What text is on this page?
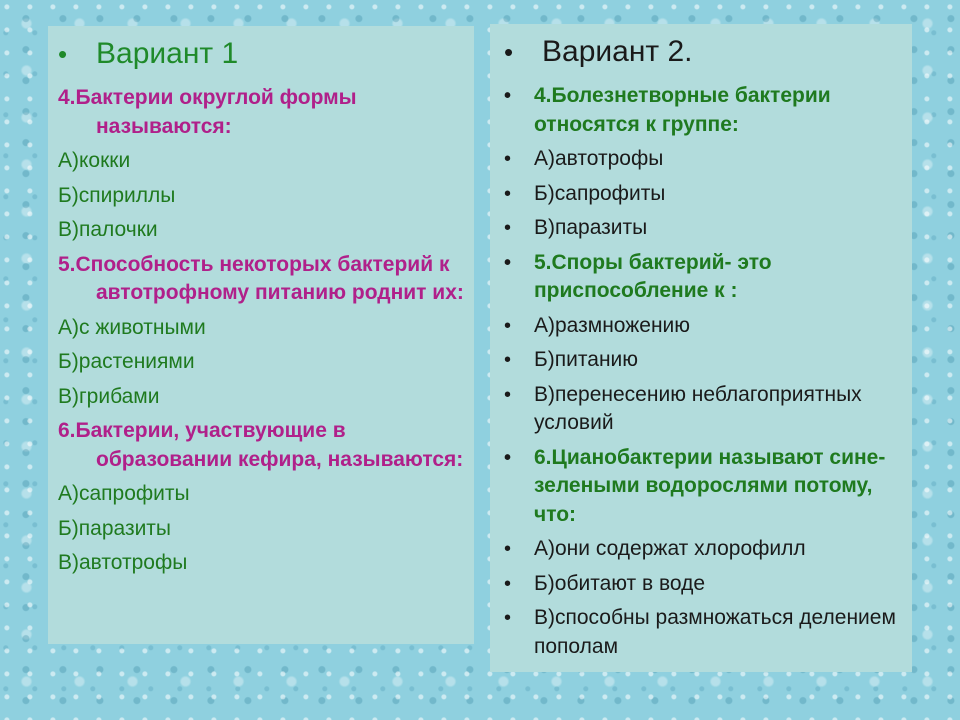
• Вариант 1
4.Бактерии округлой формы называются:
А)кокки
Б)спириллы
В)палочки
5.Способность некоторых бактерий к автотрофному питанию роднит их:
А)с животными
Б)растениями
В)грибами
6.Бактерии, участвующие в образовании кефира, называются:
А)сапрофиты
Б)паразиты
В)автотрофы
• Вариант 2.
• 4.Болезнетворные бактерии относятся к группе:
• А)автотрофы
• Б)сапрофиты
• В)паразиты
• 5.Споры бактерий- это приспособление к :
• А)размножению
• Б)питанию
• В)перенесению неблагоприятных условий
• 6.Цианобактерии называют сине-зелеными водорослями потому, что:
• А)они содержат хлорофилл
• Б)обитают в воде
• В)способны размножаться делением пополам
